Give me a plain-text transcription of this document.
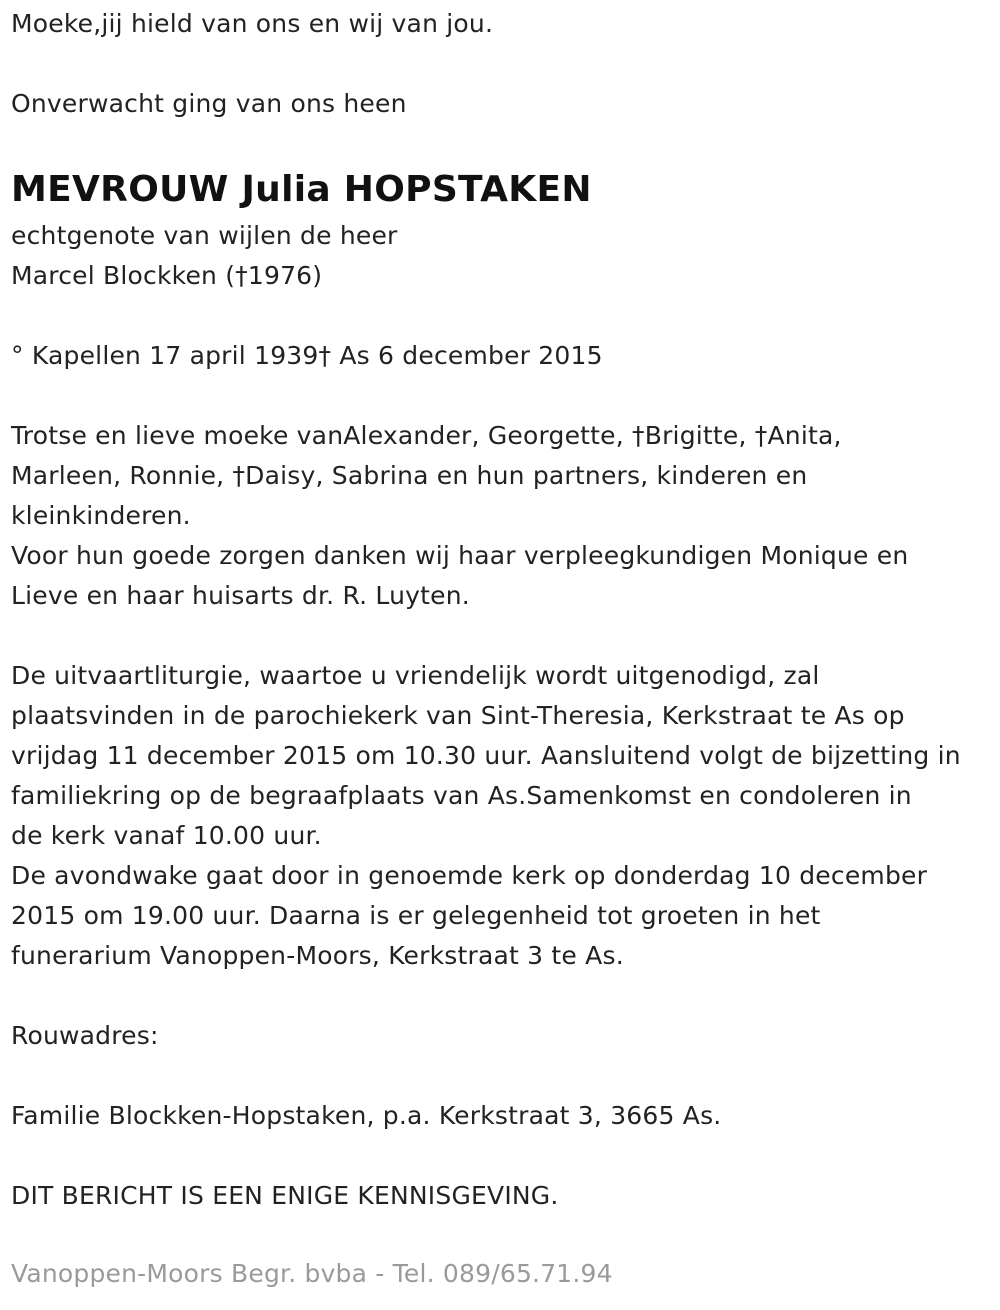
Moeke,jij hield van ons en wij van jou.

Onverwacht ging van ons heen

MEVROUW Julia HOPSTAKEN

echtgenote van wijlen de heer

Marcel Blockken (†1976)

° Kapellen 17 april 1939† As 6 december 2015

Trotse en lieve moeke vanAlexander, Georgette, †Brigitte, †Anita,

Marleen, Ronnie, †Daisy, Sabrina en hun partners, kinderen en

kleinkinderen.

Voor hun goede zorgen danken wij haar verpleegkundigen Monique en

Lieve en haar huisarts dr. R. Luyten.

De uitvaartliturgie, waartoe u vriendelijk wordt uitgenodigd, zal

plaatsvinden in de parochiekerk van Sint-Theresia, Kerkstraat te As op

vrijdag 11 december 2015 om 10.30 uur. Aansluitend volgt de bijzetting in

familiekring op de begraafplaats van As.Samenkomst en condoleren in

de kerk vanaf 10.00 uur.

De avondwake gaat door in genoemde kerk op donderdag 10 december

2015 om 19.00 uur. Daarna is er gelegenheid tot groeten in het

funerarium Vanoppen-Moors, Kerkstraat 3 te As.

Rouwadres:

Familie Blockken-Hopstaken, p.a. Kerkstraat 3, 3665 As.

DIT BERICHT IS EEN ENIGE KENNISGEVING.

Vanoppen-Moors Begr. bvba - Tel. 089/65.71.94
